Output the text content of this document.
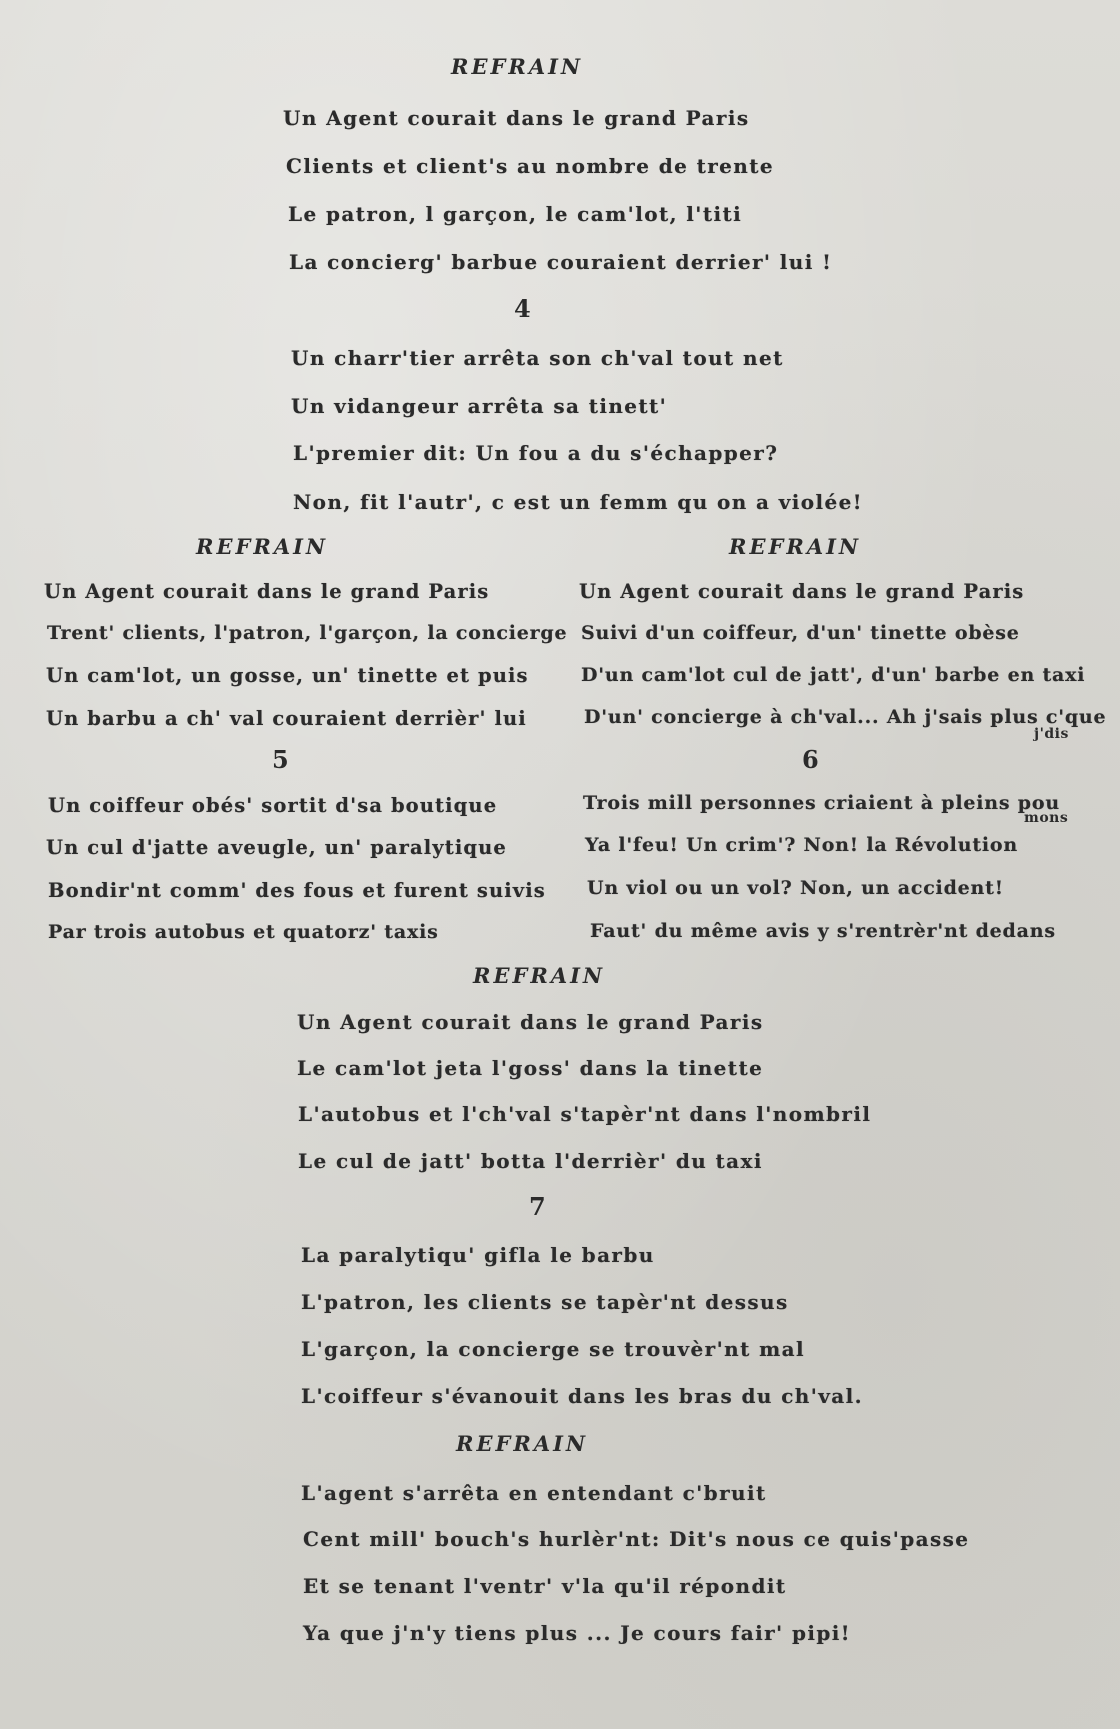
REFRAIN
Un Agent courait dans le grand Paris
Clients et client's au nombre de trente
Le patron, l garçon, le cam'lot, l'titi
La concierg' barbue couraient derrier' lui !
4
Un charr'tier arrêta son ch'val tout net
Un vidangeur arrêta sa tinett'
L'premier dit: Un fou a du s'échapper?
Non, fit l'autr', c est un femm qu on a violée!
REFRAIN
Un Agent courait dans le grand Paris
Trent' clients, l'patron, l'garçon, la concierge
Un cam'lot, un gosse, un' tinette et puis
Un barbu a ch' val couraient derrièr' lui
REFRAIN
Un Agent courait dans le grand Paris
Suivi d'un coiffeur, d'un' tinette obèse
D'un cam'lot cul de jatt', d'un' barbe en taxi
D'un' concierge à ch'val... Ah j'sais plus c'que
j'dis
5
Un coiffeur obés' sortit d'sa boutique
Un cul d'jatte aveugle, un' paralytique
Bondir'nt comm' des fous et furent suivis
Par trois autobus et quatorz' taxis
6
Trois mill personnes criaient à pleins pou
mons
Ya l'feu! Un crim'? Non! la Révolution
Un viol ou un vol? Non, un accident!
Faut' du même avis y s'rentrèr'nt dedans
REFRAIN
Un Agent courait dans le grand Paris
Le cam'lot jeta l'goss' dans la tinette
L'autobus et l'ch'val s'tapèr'nt dans l'nombril
Le cul de jatt' botta l'derrièr' du taxi
7
La paralytiqu' gifla le barbu
L'patron, les clients se tapèr'nt dessus
L'garçon, la concierge se trouvèr'nt mal
L'coiffeur s'évanouit dans les bras du ch'val.
REFRAIN
L'agent s'arrêta en entendant c'bruit
Cent mill' bouch's hurlèr'nt: Dit's nous ce quis'passe
Et se tenant l'ventr' v'la qu'il répondit
Ya que j'n'y tiens plus ... Je cours fair' pipi!
